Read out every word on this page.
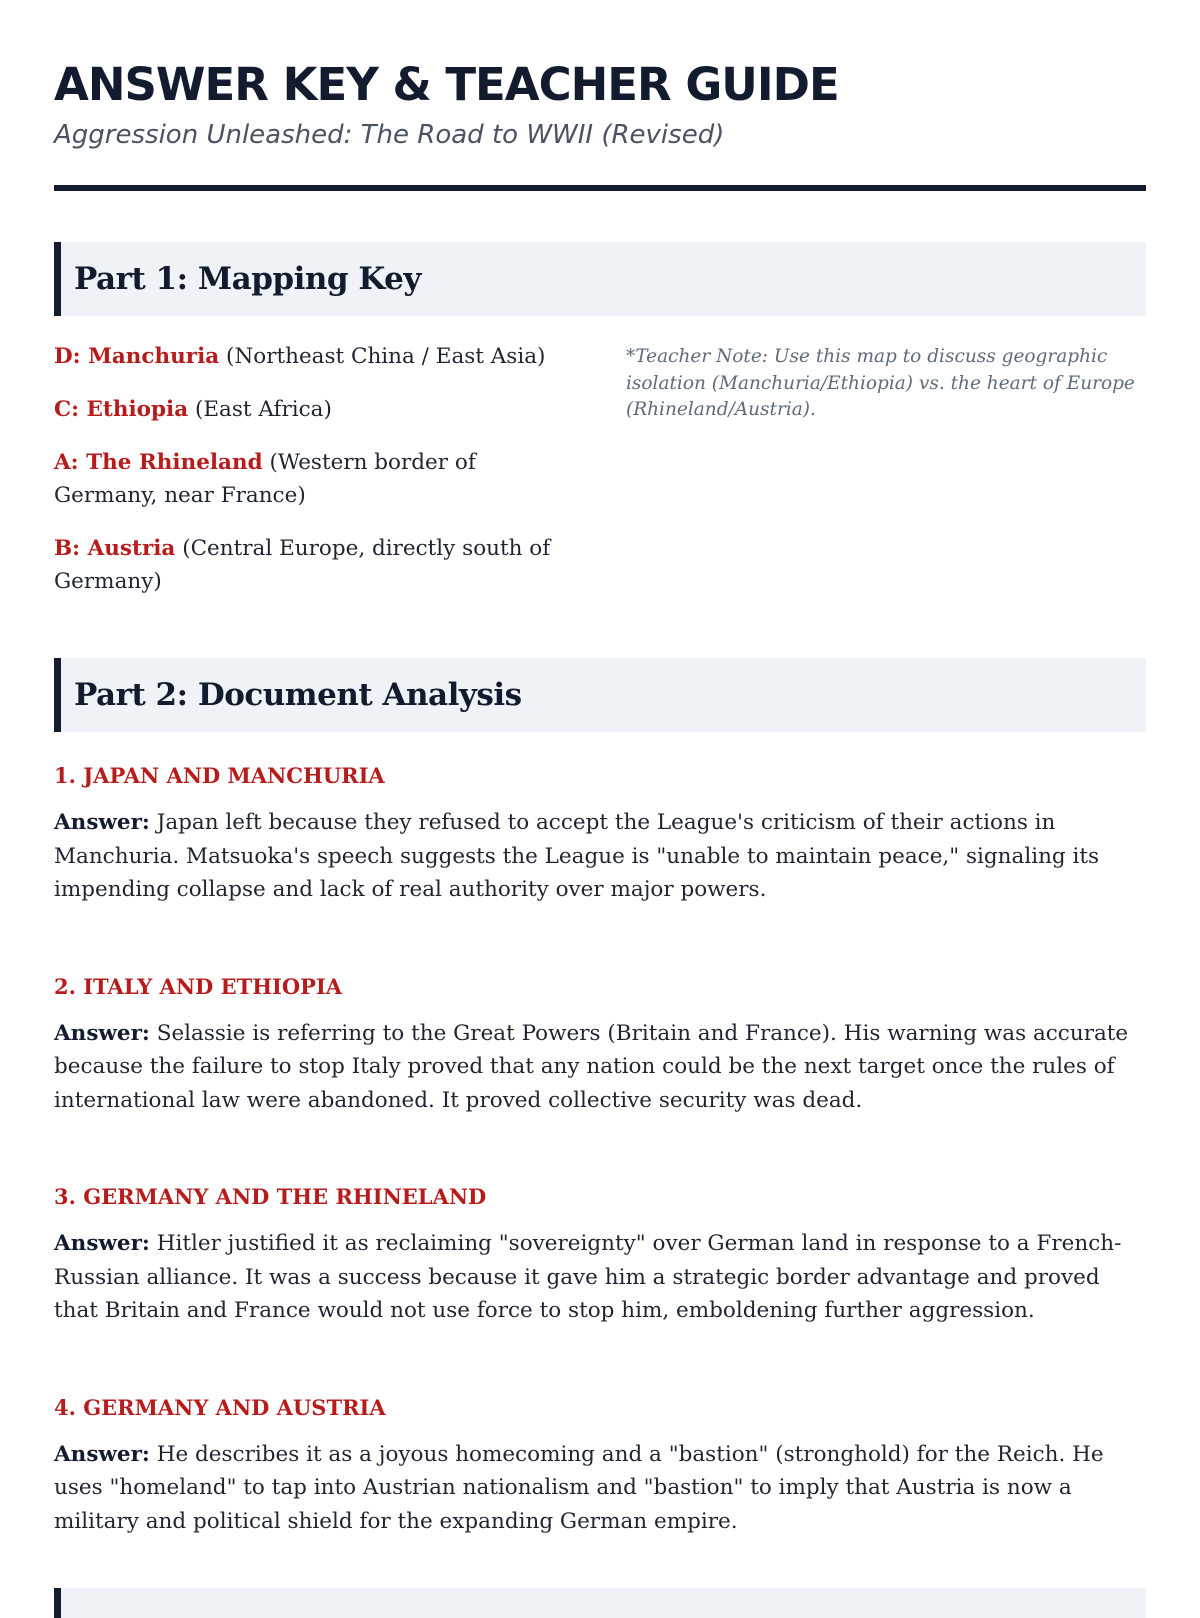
ANSWER KEY & TEACHER GUIDE
Aggression Unleashed: The Road to WWII (Revised)
Part 1: Mapping Key
D: Manchuria (Northeast China / East Asia)
C: Ethiopia (East Africa)
A: The Rhineland (Western border of Germany, near France)
B: Austria (Central Europe, directly south of Germany)
*Teacher Note: Use this map to discuss geographic isolation (Manchuria/Ethiopia) vs. the heart of Europe (Rhineland/Austria).
Part 2: Document Analysis
1. JAPAN AND MANCHURIA

Answer: Japan left because they refused to accept the League's criticism of their actions in Manchuria. Matsuoka's speech suggests the League is "unable to maintain peace," signaling its impending collapse and lack of real authority over major powers.

2. ITALY AND ETHIOPIA

Answer: Selassie is referring to the Great Powers (Britain and France). His warning was accurate because the failure to stop Italy proved that any nation could be the next target once the rules of international law were abandoned. It proved collective security was dead.

3. GERMANY AND THE RHINELAND

Answer: Hitler justified it as reclaiming "sovereignty" over German land in response to a French-Russian alliance. It was a success because it gave him a strategic border advantage and proved that Britain and France would not use force to stop him, emboldening further aggression.

4. GERMANY AND AUSTRIA

Answer: He describes it as a joyous homecoming and a "bastion" (stronghold) for the Reich. He uses "homeland" to tap into Austrian nationalism and "bastion" to imply that Austria is now a military and political shield for the expanding German empire.
